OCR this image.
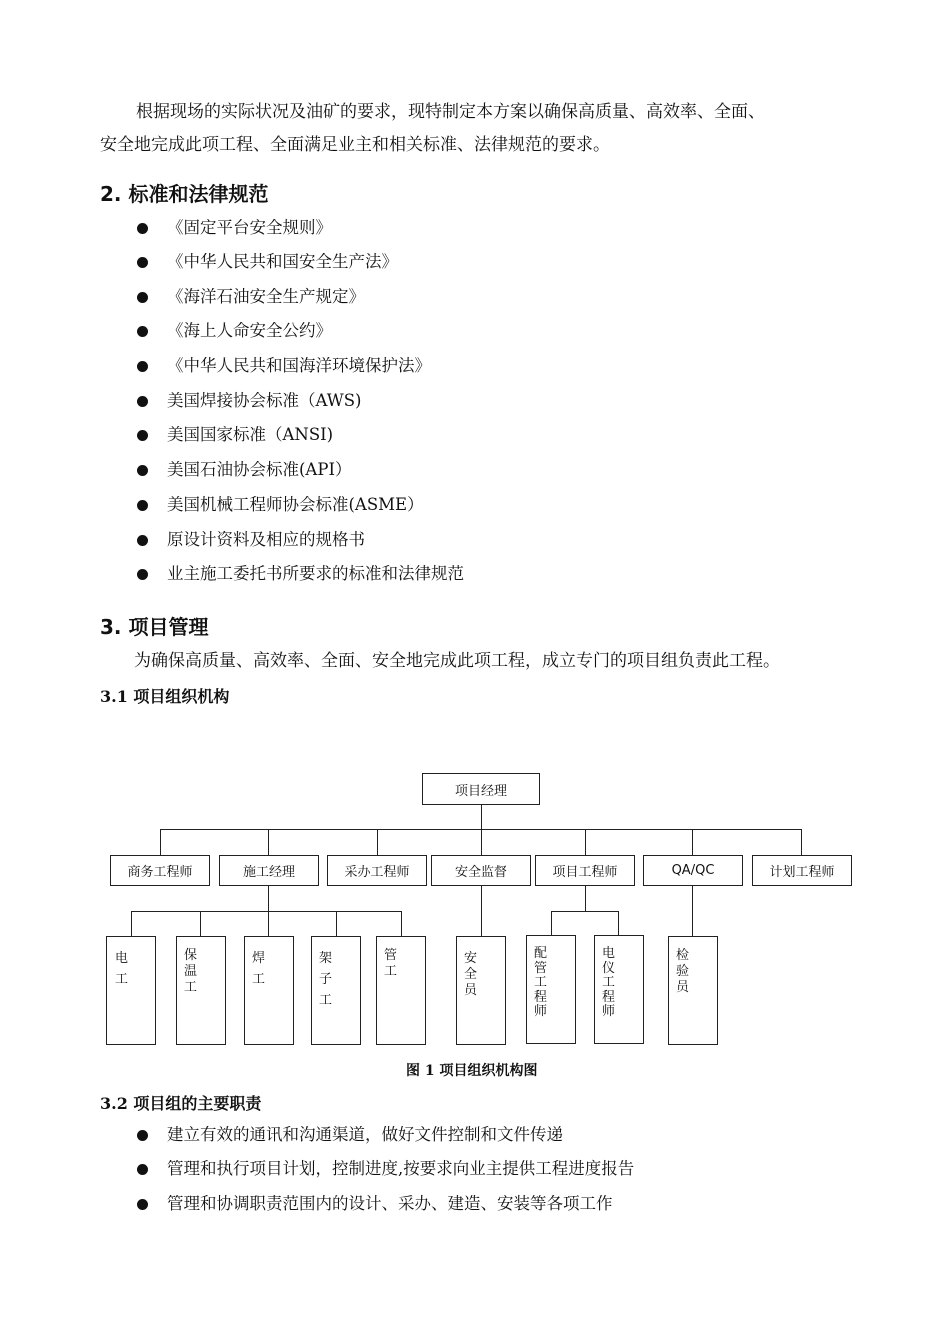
根据现场的实际状况及油矿的要求，现特制定本方案以确保高质量、高效率、全面、
安全地完成此项工程、全面满足业主和相关标准、法律规范的要求。
2. 标准和法律规范
《固定平台安全规则》
《中华人民共和国安全生产法》
《海洋石油安全生产规定》
《海上人命安全公约》
《中华人民共和国海洋环境保护法》
美国焊接协会标准（AWS)
美国国家标准（ANSI)
美国石油协会标准(API）
美国机械工程师协会标准(ASME）
原设计资料及相应的规格书
业主施工委托书所要求的标准和法律规范
3. 项目管理
为确保高质量、高效率、全面、安全地完成此项工程，成立专门的项目组负责此工程。
3.1 项目组织机构
项目经理
商务工程师	施工经理	采办工程师	安全监督	项目工程师	QA/QC	计划工程师
电工
保温工
焊工
架子工
管工
安全员
配管工程师
电仪工程师
检验员
图 1 项目组织机构图
3.2 项目组的主要职责
建立有效的通讯和沟通渠道，做好文件控制和文件传递
管理和执行项目计划，控制进度,按要求向业主提供工程进度报告
管理和协调职责范围内的设计、采办、建造、安装等各项工作
